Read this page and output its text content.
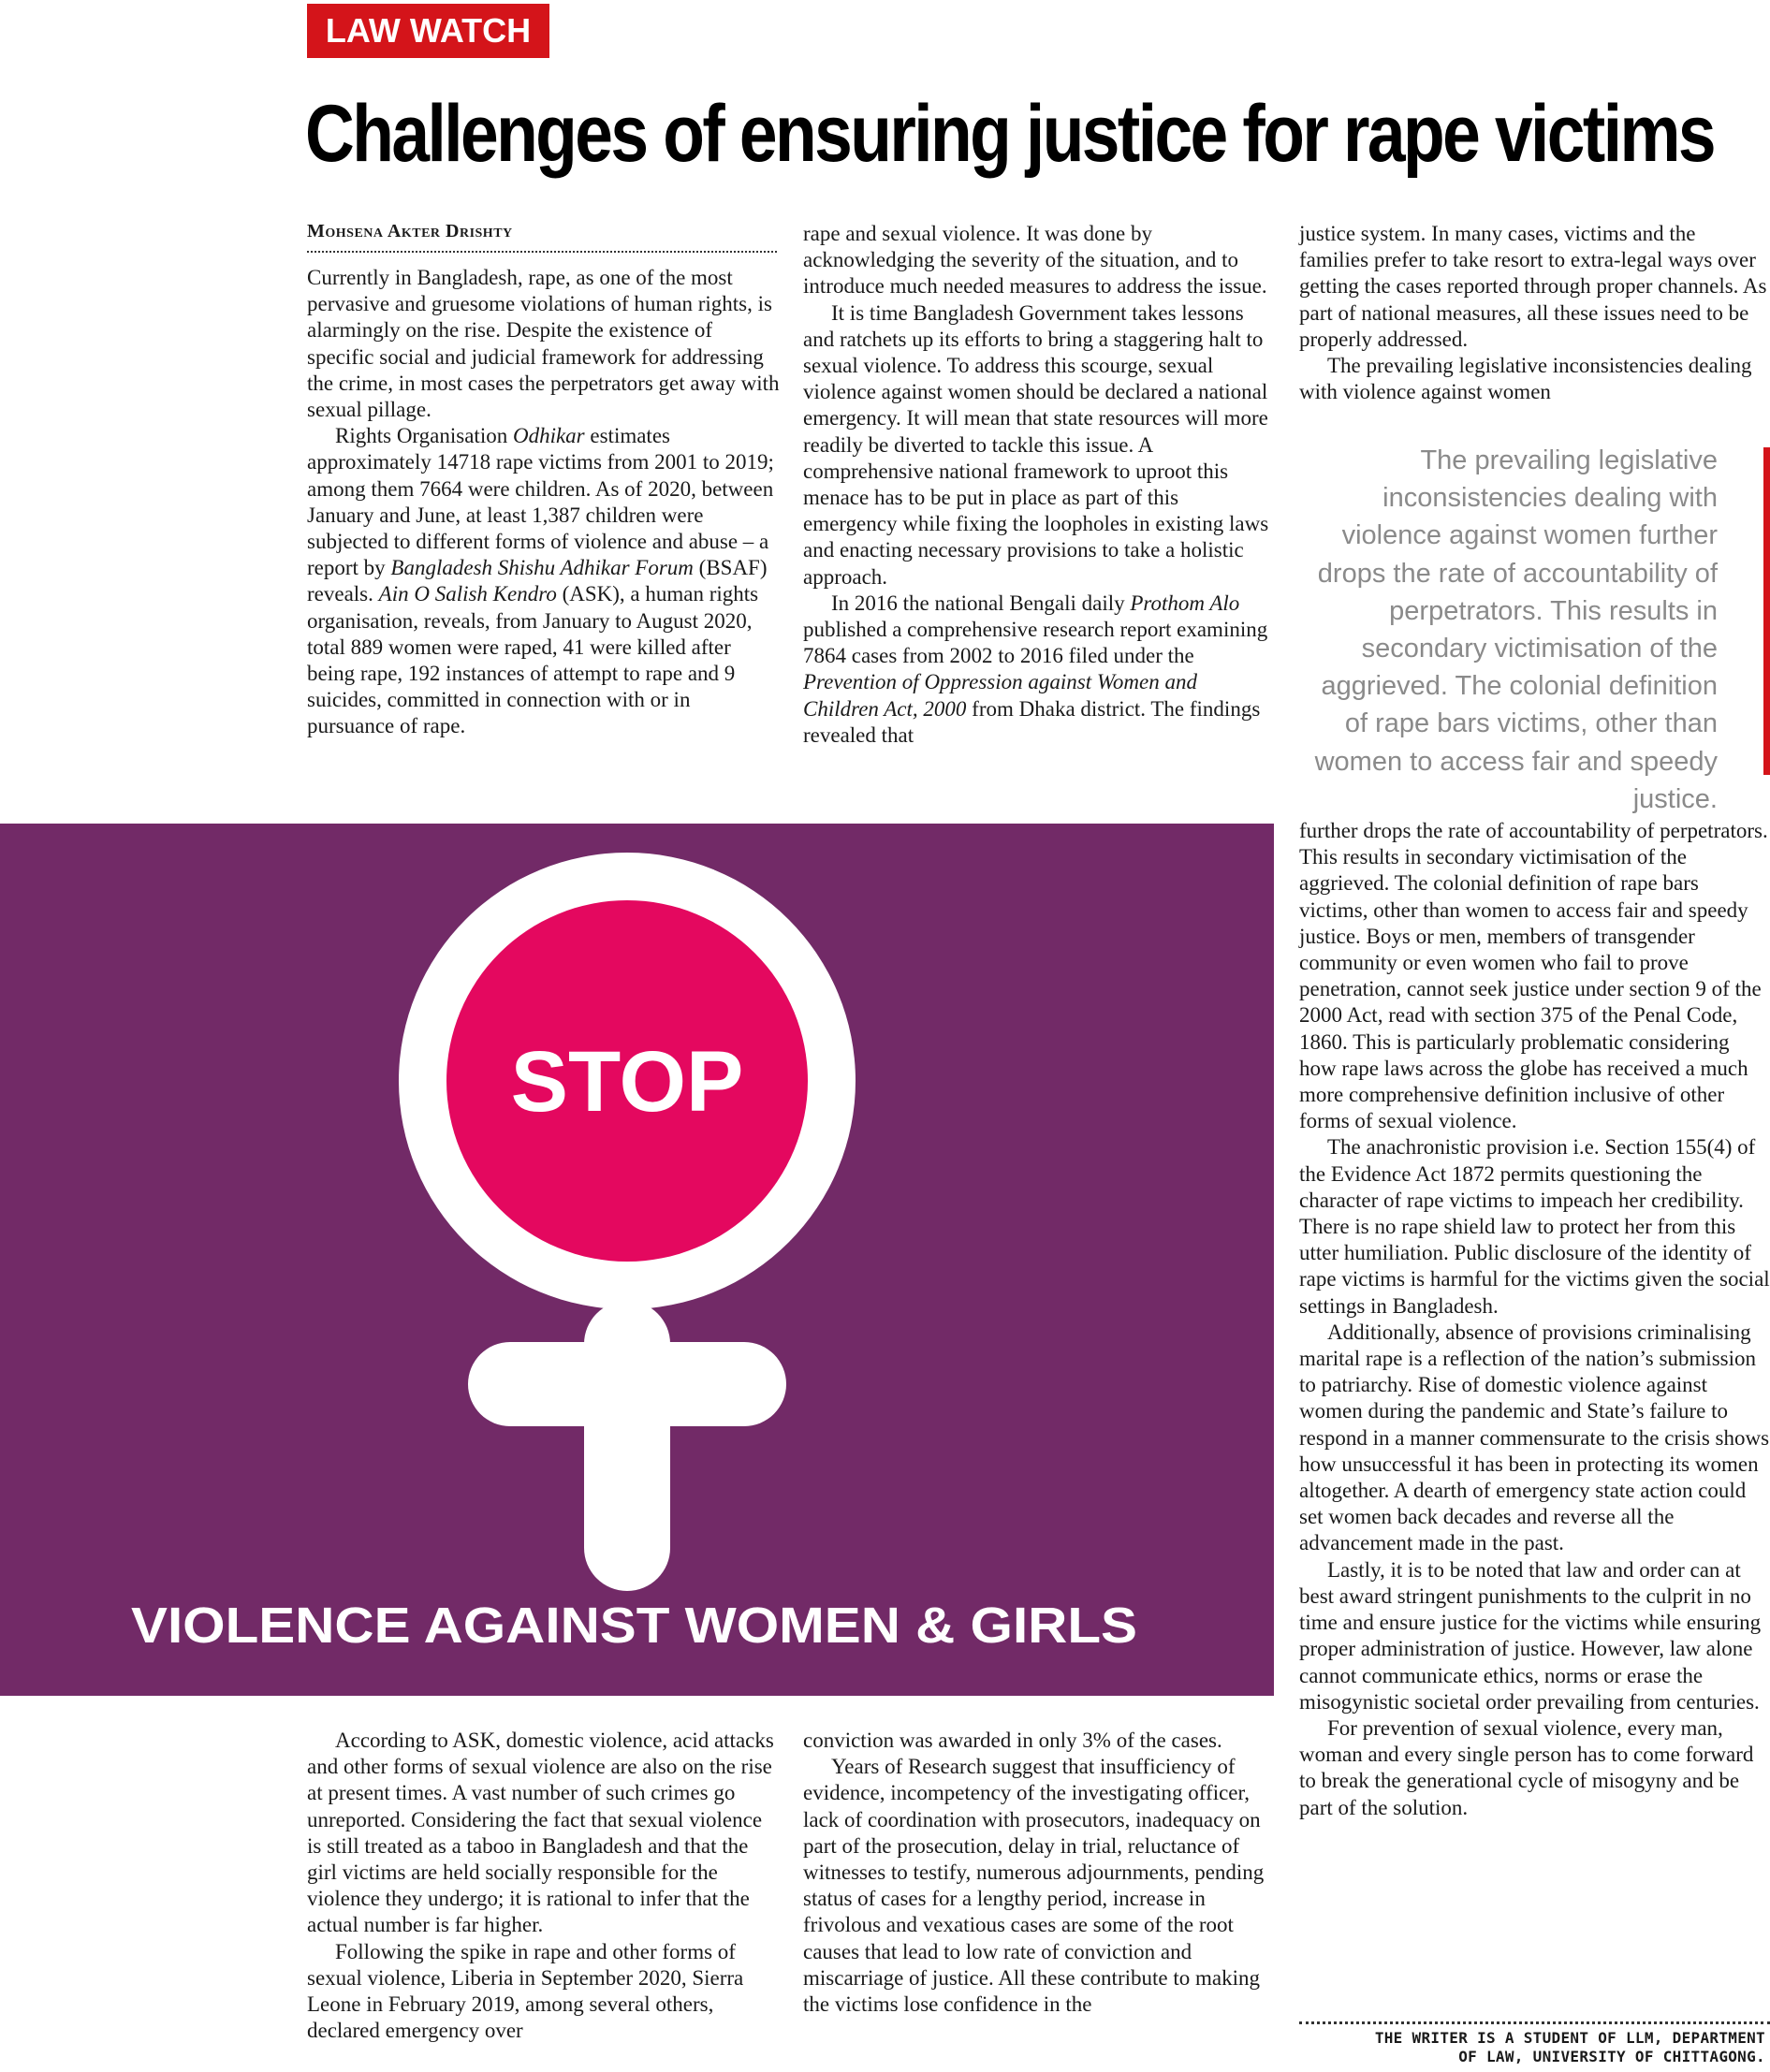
LAW WATCH
Challenges of ensuring justice for rape victims
Mohsena Akter Drishty

Currently in Bangladesh, rape, as one of the most pervasive and gruesome violations of human rights, is alarmingly on the rise. Despite the existence of specific social and judicial framework for addressing the crime, in most cases the perpetrators get away with sexual pillage.

Rights Organisation Odhikar estimates approximately 14718 rape victims from 2001 to 2019; among them 7664 were children. As of 2020, between January and June, at least 1,387 children were subjected to different forms of violence and abuse – a report by Bangladesh Shishu Adhikar Forum (BSAF) reveals. Ain O Salish Kendro (ASK), a human rights organisation, reveals, from January to August 2020, total 889 women were raped, 41 were killed after being rape, 192 instances of attempt to rape and 9 suicides, committed in connection with or in pursuance of rape.

rape and sexual violence. It was done by acknowledging the severity of the situation, and to introduce much needed measures to address the issue.

It is time Bangladesh Government takes lessons and ratchets up its efforts to bring a staggering halt to sexual violence. To address this scourge, sexual violence against women should be declared a national emergency. It will mean that state resources will more readily be diverted to tackle this issue. A comprehensive national framework to uproot this menace has to be put in place as part of this emergency while fixing the loopholes in existing laws and enacting necessary provisions to take a holistic approach.

In 2016 the national Bengali daily Prothom Alo published a comprehensive research report examining 7864 cases from 2002 to 2016 filed under the Prevention of Oppression against Women and Children Act, 2000 from Dhaka district. The findings revealed that

justice system. In many cases, victims and the families prefer to take resort to extra-legal ways over getting the cases reported through proper channels. As part of national measures, all these issues need to be properly addressed.

The prevailing legislative inconsistencies dealing with violence against women

The prevailing legislative inconsistencies dealing with violence against women further drops the rate of accountability of perpetrators. This results in secondary victimisation of the aggrieved. The colonial definition of rape bars victims, other than women to access fair and speedy justice.
STOP
VIOLENCE AGAINST WOMEN & GIRLS

further drops the rate of accountability of perpetrators. This results in secondary victimisation of the aggrieved. The colonial definition of rape bars victims, other than women to access fair and speedy justice. Boys or men, members of transgender community or even women who fail to prove penetration, cannot seek justice under section 9 of the 2000 Act, read with section 375 of the Penal Code, 1860. This is particularly problematic considering how rape laws across the globe has received a much more comprehensive definition inclusive of other forms of sexual violence.

The anachronistic provision i.e. Section 155(4) of the Evidence Act 1872 permits questioning the character of rape victims to impeach her credibility. There is no rape shield law to protect her from this utter humiliation. Public disclosure of the identity of rape victims is harmful for the victims given the social settings in Bangladesh.

Additionally, absence of provisions criminalising marital rape is a reflection of the nation’s submission to patriarchy. Rise of domestic violence against women during the pandemic and State’s failure to respond in a manner commensurate to the crisis shows how unsuccessful it has been in protecting its women altogether. A dearth of emergency state action could set women back decades and reverse all the advancement made in the past.

Lastly, it is to be noted that law and order can at best award stringent punishments to the culprit in no time and ensure justice for the victims while ensuring proper administration of justice. However, law alone cannot communicate ethics, norms or erase the misogynistic societal order prevailing from centuries.

For prevention of sexual violence, every man, woman and every single person has to come forward to break the generational cycle of misogyny and be part of the solution.

According to ASK, domestic violence, acid attacks and other forms of sexual violence are also on the rise at present times. A vast number of such crimes go unreported. Considering the fact that sexual violence is still treated as a taboo in Bangladesh and that the girl victims are held socially responsible for the violence they undergo; it is rational to infer that the actual number is far higher.

Following the spike in rape and other forms of sexual violence, Liberia in September 2020, Sierra Leone in February 2019, among several others, declared emergency over

conviction was awarded in only 3% of the cases.

Years of Research suggest that insufficiency of evidence, incompetency of the investigating officer, lack of coordination with prosecutors, inadequacy on part of the prosecution, delay in trial, reluctance of witnesses to testify, numerous adjournments, pending status of cases for a lengthy period, increase in frivolous and vexatious cases are some of the root causes that lead to low rate of conviction and miscarriage of justice. All these contribute to making the victims lose confidence in the

THE WRITER IS A STUDENT OF LLM, DEPARTMENT
OF LAW, UNIVERSITY OF CHITTAGONG.
